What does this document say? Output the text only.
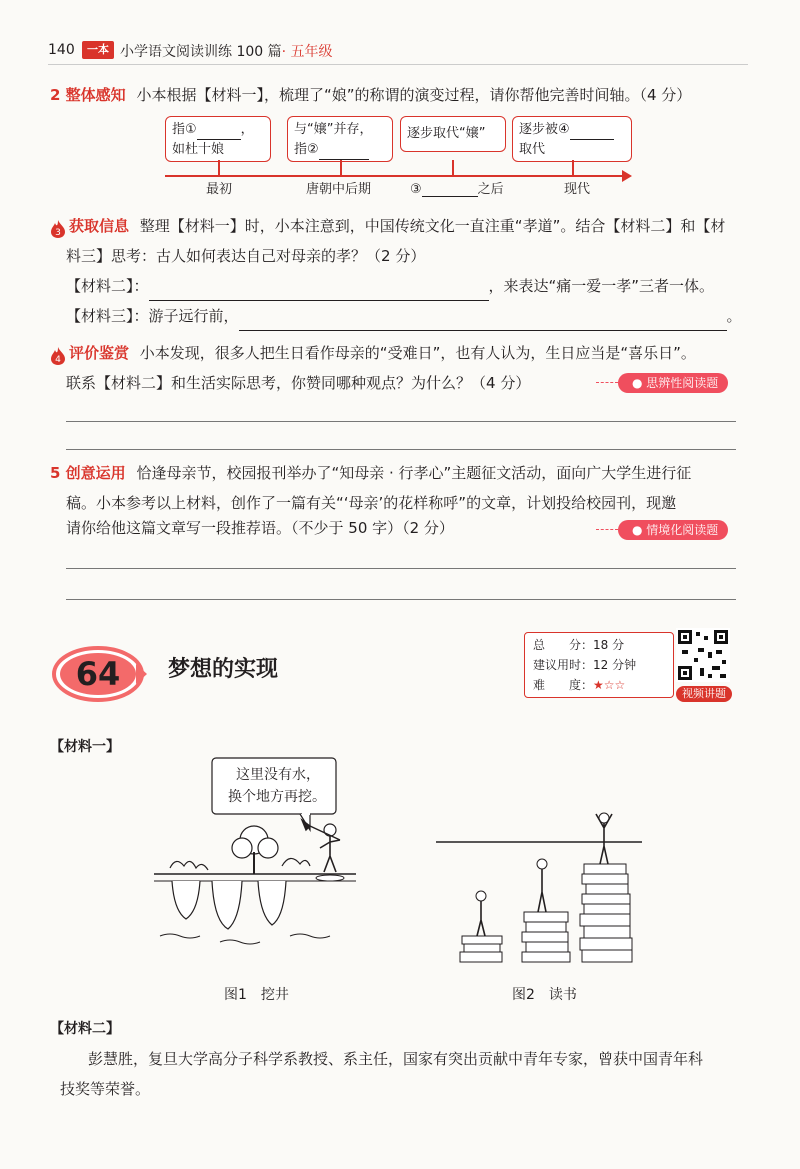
140	一本 小学语文阅读训练 100 篇· 五年级
2 整体感知 小本根据【材料一】，梳理了“娘”的称谓的演变过程，请你帮他完善时间轴。（4 分）
指①	，
如杜十娘
与“嬢”并存，
指②
逐步取代“嬢”	逐步被④
取代
最初	唐朝中后期	③	之后	现代
3 获取信息 整理【材料一】时，小本注意到，中国传统文化一直注重“孝道”。结合【材料二】和【材
料三】思考：古人如何表达自己对母亲的孝？（2 分）
【材料二】：	，来表达“痛一爱一孝”三者一体。
【材料三】：游子远行前，	。
4 评价鉴赏 小本发现，很多人把生日看作母亲的“受难日”，也有人认为，生日应当是“喜乐日”。
联系【材料二】和生活实际思考，你赞同哪种观点？为什么？（4 分）	● 思辨性阅读题
5 创意运用 恰逢母亲节，校园报刊举办了“知母亲 · 行孝心”主题征文活动，面向广大学生进行征
稿。小本参考以上材料，创作了一篇有关“‘母亲’的花样称呼”的文章，计划投给校园刊，现邀
请你给他这篇文章写一段推荐语。（不少于 50 字）（2 分）	● 情境化阅读题
64	梦想的实现
总　　分：18 分
建议用时：12 分钟
难　　度：★☆☆
视频讲题
【材料一】
这里没有水，
换个地方再挖。
图1　挖井	图2　读书
【材料二】
彭慧胜，复旦大学高分子科学系教授、系主任，国家有突出贡献中青年专家，曾获中国青年科
技奖等荣誉。
